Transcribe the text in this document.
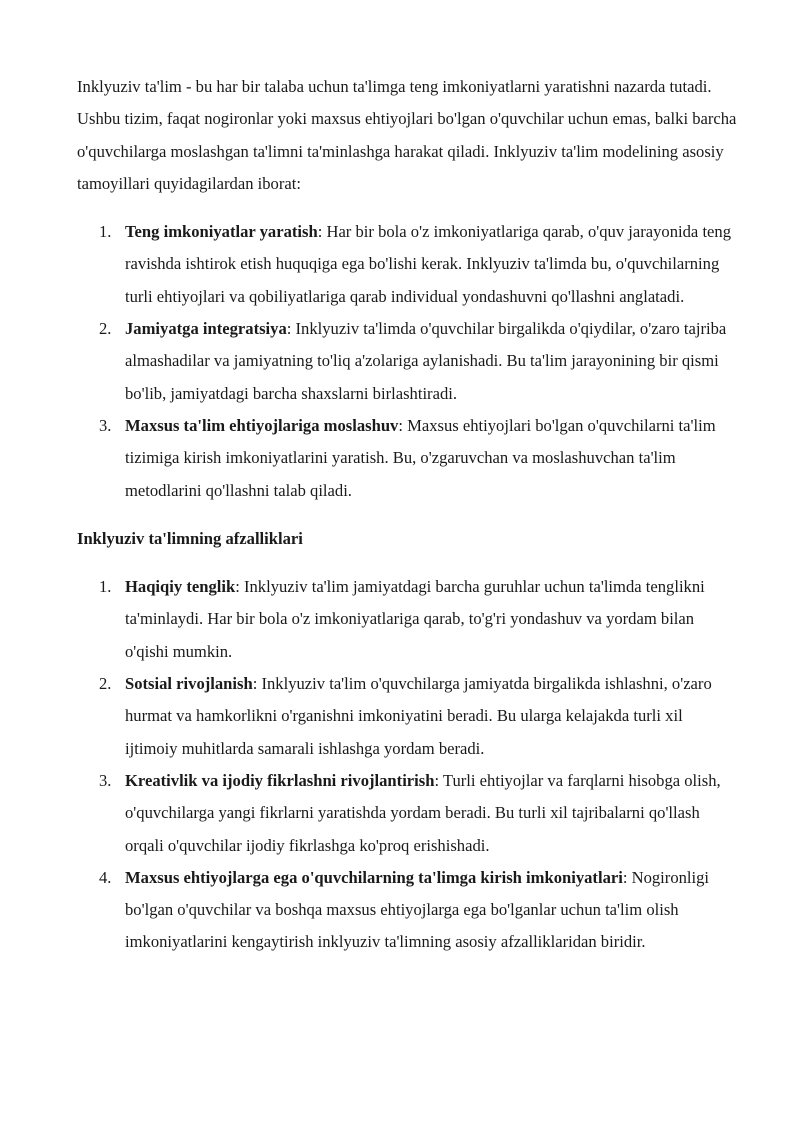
Inklyuziv ta'lim - bu har bir talaba uchun ta'limga teng imkoniyatlarni yaratishni nazarda tutadi. Ushbu tizim, faqat nogironlar yoki maxsus ehtiyojlari bo'lgan o'quvchilar uchun emas, balki barcha o'quvchilarga moslashgan ta'limni ta'minlashga harakat qiladi. Inklyuziv ta'lim modelining asosiy tamoyillari quyidagilardan iborat:

1. Teng imkoniyatlar yaratish: Har bir bola o'z imkoniyatlariga qarab, o'quv jarayonida teng ravishda ishtirok etish huquqiga ega bo'lishi kerak. Inklyuziv ta'limda bu, o'quvchilarning turli ehtiyojlari va qobiliyatlariga qarab individual yondashuvni qo'llashni anglatadi.
2. Jamiyatga integratsiya: Inklyuziv ta'limda o'quvchilar birgalikda o'qiydilar, o'zaro tajriba almashadilar va jamiyatning to'liq a'zolariga aylanishadi. Bu ta'lim jarayonining bir qismi bo'lib, jamiyatdagi barcha shaxslarni birlashtiradi.
3. Maxsus ta'lim ehtiyojlariga moslashuv: Maxsus ehtiyojlari bo'lgan o'quvchilarni ta'lim tizimiga kirish imkoniyatlarini yaratish. Bu, o'zgaruvchan va moslashuvchan ta'lim metodlarini qo'llashni talab qiladi.
Inklyuziv ta'limning afzalliklari
1. Haqiqiy tenglik: Inklyuziv ta'lim jamiyatdagi barcha guruhlar uchun ta'limda tenglikni ta'minlaydi. Har bir bola o'z imkoniyatlariga qarab, to'g'ri yondashuv va yordam bilan o'qishi mumkin.
2. Sotsial rivojlanish: Inklyuziv ta'lim o'quvchilarga jamiyatda birgalikda ishlashni, o'zaro hurmat va hamkorlikni o'rganishni imkoniyatini beradi. Bu ularga kelajakda turli xil ijtimoiy muhitlarda samarali ishlashga yordam beradi.
3. Kreativlik va ijodiy fikrlashni rivojlantirish: Turli ehtiyojlar va farqlarni hisobga olish, o'quvchilarga yangi fikrlarni yaratishda yordam beradi. Bu turli xil tajribalarni qo'llash orqali o'quvchilar ijodiy fikrlashga ko'proq erishishadi.
4. Maxsus ehtiyojlarga ega o'quvchilarning ta'limga kirish imkoniyatlari: Nogironligi bo'lgan o'quvchilar va boshqa maxsus ehtiyojlarga ega bo'lganlar uchun ta'lim olish imkoniyatlarini kengaytirish inklyuziv ta'limning asosiy afzalliklaridan biridir.
